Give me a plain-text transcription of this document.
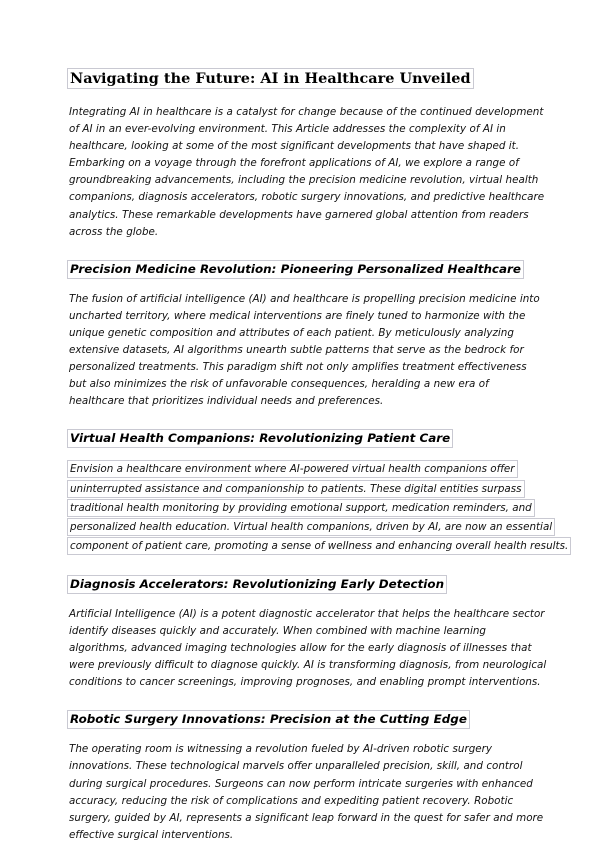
Navigating the Future: AI in Healthcare Unveiled

Integrating AI in healthcare is a catalyst for change because of the continued development of AI in an ever-evolving environment. This Article addresses the complexity of AI in healthcare, looking at some of the most significant developments that have shaped it. Embarking on a voyage through the forefront applications of AI, we explore a range of groundbreaking advancements, including the precision medicine revolution, virtual health companions, diagnosis accelerators, robotic surgery innovations, and predictive healthcare analytics. These remarkable developments have garnered global attention from readers across the globe.

Precision Medicine Revolution: Pioneering Personalized Healthcare

The fusion of artificial intelligence (AI) and healthcare is propelling precision medicine into uncharted territory, where medical interventions are finely tuned to harmonize with the unique genetic composition and attributes of each patient. By meticulously analyzing extensive datasets, AI algorithms unearth subtle patterns that serve as the bedrock for personalized treatments. This paradigm shift not only amplifies treatment effectiveness but also minimizes the risk of unfavorable consequences, heralding a new era of healthcare that prioritizes individual needs and preferences.

Virtual Health Companions: Revolutionizing Patient Care
Envision a healthcare environment where AI-powered virtual health companions offer
uninterrupted assistance and companionship to patients. These digital entities surpass
traditional health monitoring by providing emotional support, medication reminders, and
personalized health education. Virtual health companions, driven by AI, are now an essential
component of patient care, promoting a sense of wellness and enhancing overall health results.
Diagnosis Accelerators: Revolutionizing Early Detection

Artificial Intelligence (AI) is a potent diagnostic accelerator that helps the healthcare sector identify diseases quickly and accurately. When combined with machine learning algorithms, advanced imaging technologies allow for the early diagnosis of illnesses that were previously difficult to diagnose quickly. AI is transforming diagnosis, from neurological conditions to cancer screenings, improving prognoses, and enabling prompt interventions.

Robotic Surgery Innovations: Precision at the Cutting Edge

The operating room is witnessing a revolution fueled by AI-driven robotic surgery innovations. These technological marvels offer unparalleled precision, skill, and control during surgical procedures. Surgeons can now perform intricate surgeries with enhanced accuracy, reducing the risk of complications and expediting patient recovery. Robotic surgery, guided by AI, represents a significant leap forward in the quest for safer and more effective surgical interventions.
